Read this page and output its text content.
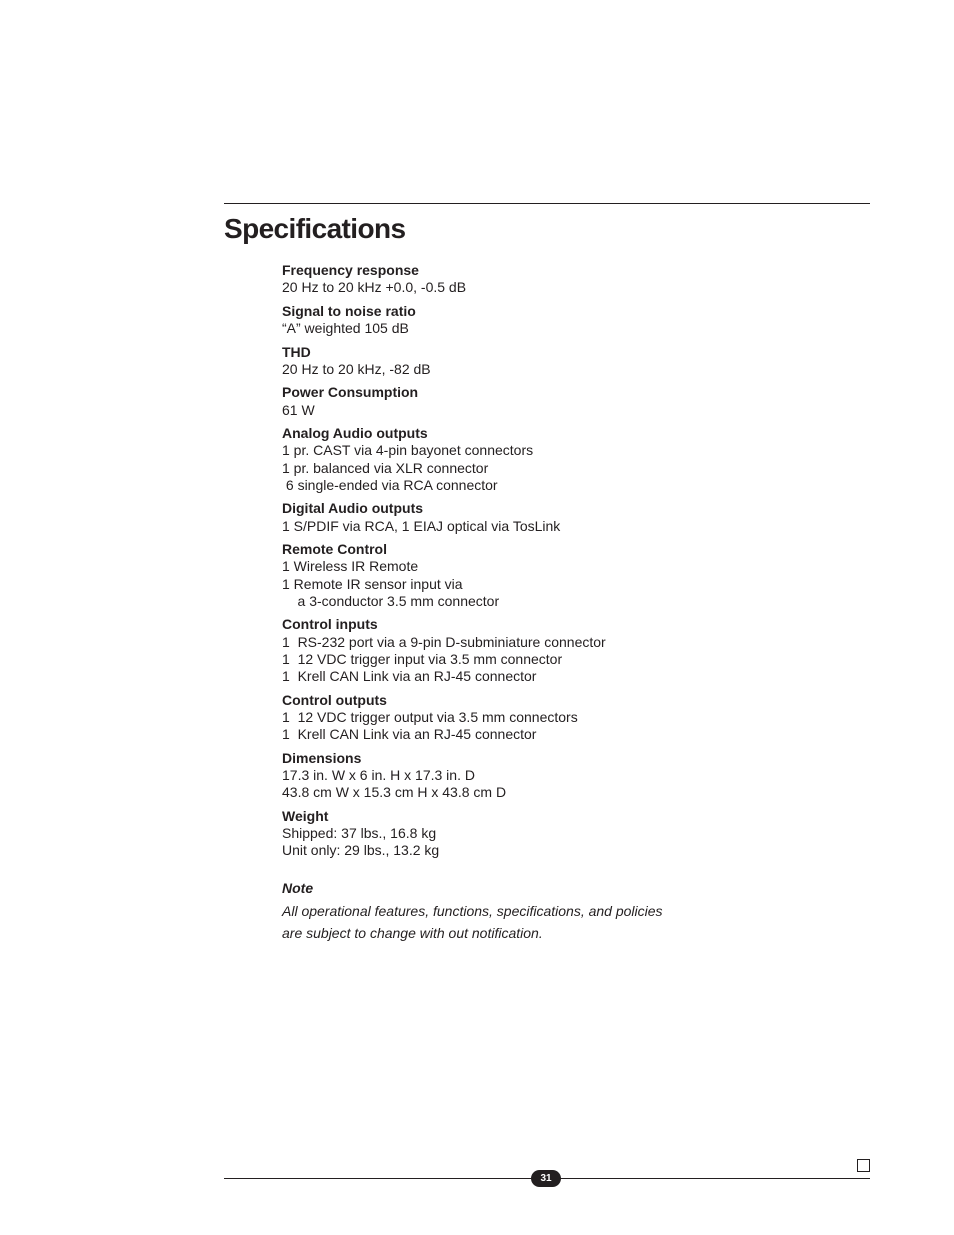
Specifications
Frequency response
20 Hz to 20 kHz +0.0, -0.5 dB
Signal to noise ratio
“A” weighted 105 dB
THD
20 Hz to 20 kHz, -82 dB
Power Consumption
61 W
Analog Audio outputs
1 pr. CAST via 4-pin bayonet connectors
1 pr. balanced via XLR connector
6 single-ended via RCA connector
Digital Audio outputs
1 S/PDIF via RCA, 1 EIAJ optical via TosLink
Remote Control
1 Wireless IR Remote
1 Remote IR sensor input via
a 3-conductor 3.5 mm connector
Control inputs
1  RS-232 port via a 9-pin D-subminiature connector
1  12 VDC trigger input via 3.5 mm connector
1  Krell CAN Link via an RJ-45 connector
Control outputs
1  12 VDC trigger output via 3.5 mm connectors
1  Krell CAN Link via an RJ-45 connector
Dimensions
17.3 in. W x 6 in. H x 17.3 in. D
43.8 cm W x 15.3 cm H x 43.8 cm D
Weight
Shipped: 37 lbs., 16.8 kg
Unit only: 29 lbs., 13.2 kg
Note
All operational features, functions, specifications, and policies
are subject to change with out notification.
31
